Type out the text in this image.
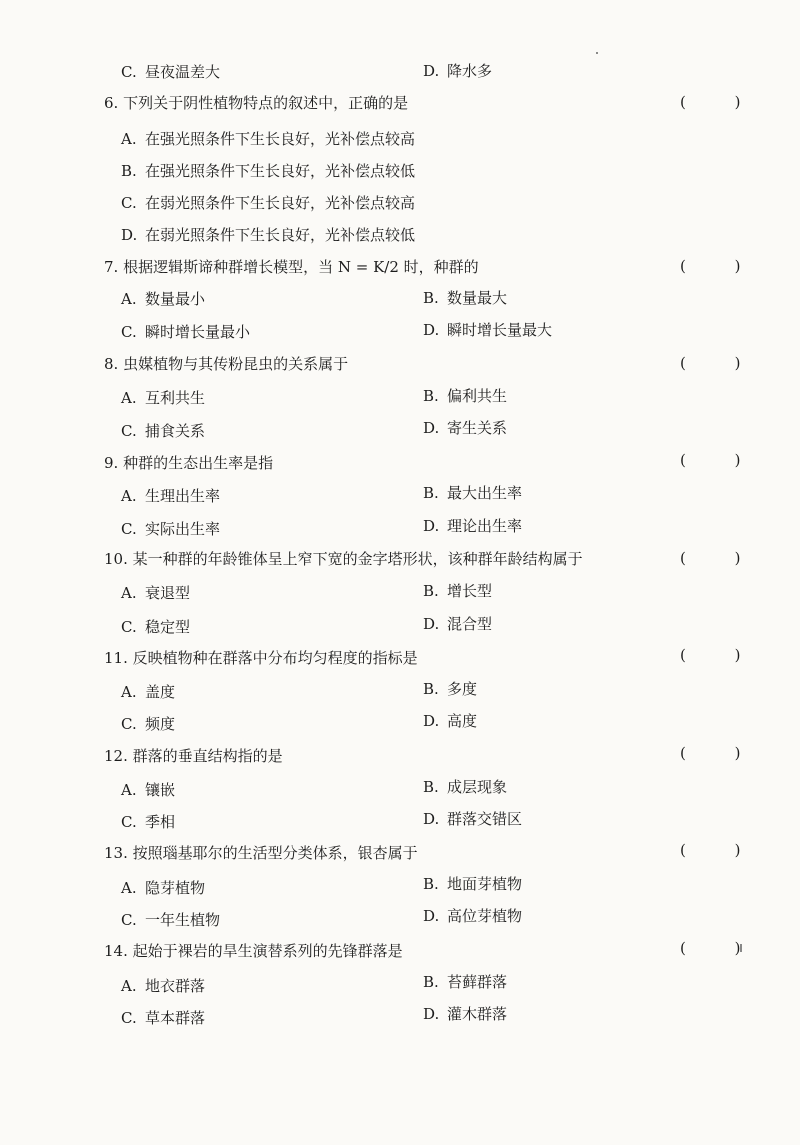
C. 昼夜温差大	D. 降水多
6. 下列关于阴性植物特点的叙述中，正确的是	( )
A. 在强光照条件下生长良好，光补偿点较高
B. 在强光照条件下生长良好，光补偿点较低
C. 在弱光照条件下生长良好，光补偿点较高
D. 在弱光照条件下生长良好，光补偿点较低
7. 根据逻辑斯谛种群增长模型，当 N = K/2 时，种群的	( )
A. 数量最小	B. 数量最大
C. 瞬时增长量最小	D. 瞬时增长量最大
8. 虫媒植物与其传粉昆虫的关系属于	( )
A. 互利共生	B. 偏利共生
C. 捕食关系	D. 寄生关系
9. 种群的生态出生率是指	( )
A. 生理出生率	B. 最大出生率
C. 实际出生率	D. 理论出生率
10. 某一种群的年龄锥体呈上窄下宽的金字塔形状，该种群年龄结构属于	( )
A. 衰退型	B. 增长型
C. 稳定型	D. 混合型
11. 反映植物种在群落中分布均匀程度的指标是	( )
A. 盖度	B. 多度
C. 频度	D. 高度
12. 群落的垂直结构指的是	( )
A. 镶嵌	B. 成层现象
C. 季相	D. 群落交错区
13. 按照瑙基耶尔的生活型分类体系，银杏属于	( )
A. 隐芽植物	B. 地面芽植物
C. 一年生植物	D. 高位芽植物
14. 起始于裸岩的旱生演替系列的先锋群落是	( )
A. 地衣群落	B. 苔藓群落
C. 草本群落	D. 灌木群落
